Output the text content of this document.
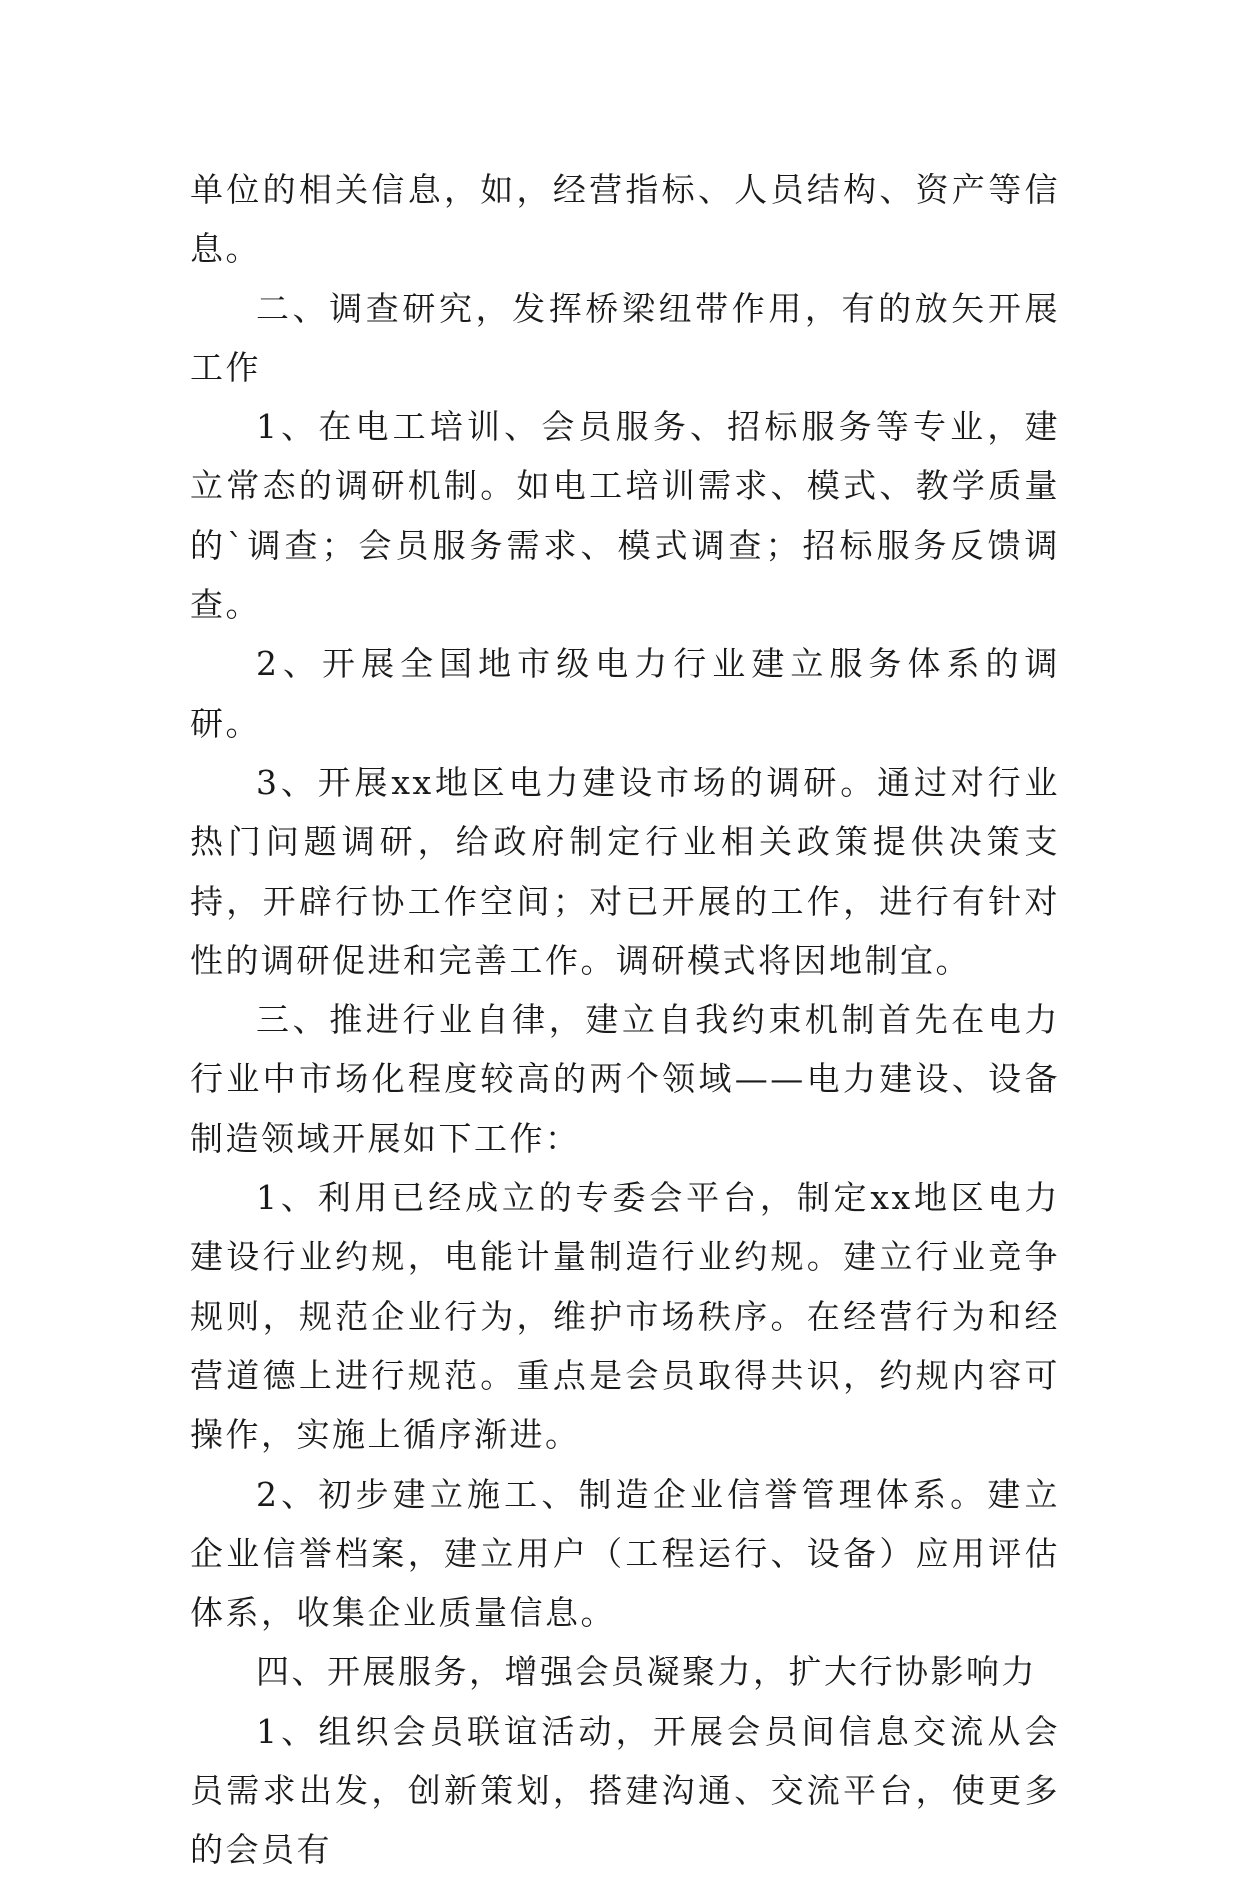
单位的相关信息，如，经营指标、人员结构、资产等信息。

二、调查研究，发挥桥梁纽带作用，有的放矢开展工作

1、在电工培训、会员服务、招标服务等专业，建立常态的调研机制。如电工培训需求、模式、教学质量的`调查；会员服务需求、模式调查；招标服务反馈调查。

2、开展全国地市级电力行业建立服务体系的调研。

3、开展xx地区电力建设市场的调研。通过对行业热门问题调研，给政府制定行业相关政策提供决策支持，开辟行协工作空间；对已开展的工作，进行有针对性的调研促进和完善工作。调研模式将因地制宜。

三、推进行业自律，建立自我约束机制首先在电力行业中市场化程度较高的两个领域——电力建设、设备制造领域开展如下工作：

1、利用已经成立的专委会平台，制定xx地区电力建设行业约规，电能计量制造行业约规。建立行业竞争规则，规范企业行为，维护市场秩序。在经营行为和经营道德上进行规范。重点是会员取得共识，约规内容可操作，实施上循序渐进。

2、初步建立施工、制造企业信誉管理体系。建立企业信誉档案，建立用户（工程运行、设备）应用评估体系，收集企业质量信息。

四、开展服务，增强会员凝聚力，扩大行协影响力

1、组织会员联谊活动，开展会员间信息交流从会员需求出发，创新策划，搭建沟通、交流平台，使更多的会员有
